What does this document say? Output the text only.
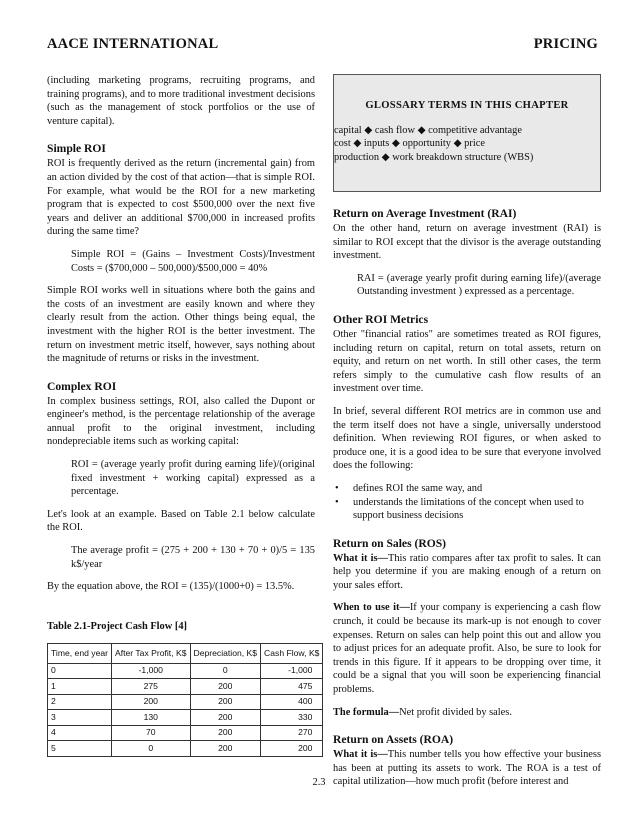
AACE INTERNATIONAL	PRICING

(including marketing programs, recruiting programs, and training programs), and to more traditional investment decisions (such as the management of stock portfolios or the use of venture capital).

Simple ROI

ROI is frequently derived as the return (incremental gain) from an action divided by the cost of that action—that is simple ROI. For example, what would be the ROI for a new marketing program that is expected to cost $500,000 over the next five years and deliver an additional $700,000 in increased profits during the same time?

Simple ROI = (Gains – Investment Costs)/Investment Costs = ($700,000 – 500,000)/$500,000 = 40%

Simple ROI works well in situations where both the gains and the costs of an investment are easily known and where they clearly result from the action. Other things being equal, the investment with the higher ROI is the better investment. The return on investment metric itself, however, says nothing about the magnitude of returns or risks in the investment.

Complex ROI

In complex business settings, ROI, also called the Dupont or engineer's method, is the percentage relationship of the average annual profit to the original investment, including nondepreciable items such as working capital:

ROI = (average yearly profit during earning life)/(original fixed investment + working capital) expressed as a percentage.

Let's look at an example. Based on Table 2.1 below calculate the ROI.

The average profit = (275 + 200 + 130 + 70 + 0)/5 = 135 k$/year

By the equation above, the ROI = (135)/(1000+0) = 13.5%.

Table 2.1-Project Cash Flow [4]
Time, end year	After Tax Profit, K$	Depreciation, K$	Cash Flow, K$
0	-1,000	0	-1,000
1	275	200	475
2	200	200	400
3	130	200	330
4	70	200	270
5	0	200	200
GLOSSARY TERMS IN THIS CHAPTER

capital ◆ cash flow ◆ competitive advantage

cost ◆ inputs ◆ opportunity ◆ price

production ◆ work breakdown structure (WBS)

Return on Average Investment (RAI)

On the other hand, return on average investment (RAI) is similar to ROI except that the divisor is the average outstanding investment.

RAI = (average yearly profit during earning life)/(average Outstanding investment ) expressed as a percentage.

Other ROI Metrics

Other "financial ratios" are sometimes treated as ROI figures, including return on capital, return on total assets, return on equity, and return on net worth. In still other cases, the term refers simply to the cumulative cash flow results of an investment over time.

In brief, several different ROI metrics are in common use and the term itself does not have a single, universally understood definition. When reviewing ROI figures, or when asked to produce one, it is a good idea to be sure that everyone involved does the following:

• defines ROI the same way, and
• understands the limitations of the concept when used to support business decisions
Return on Sales (ROS)

What it is—This ratio compares after tax profit to sales. It can help you determine if you are making enough of a return on your sales effort.

When to use it—If your company is experiencing a cash flow crunch, it could be because its mark-up is not enough to cover expenses. Return on sales can help point this out and allow you to adjust prices for an adequate profit. Also, be sure to look for trends in this figure. If it appears to be dropping over time, it could be a signal that you will soon be experiencing financial problems.

The formula—Net profit divided by sales.

Return on Assets (ROA)

What it is—This number tells you how effective your business has been at putting its assets to work. The ROA is a test of capital utilization—how much profit (before interest and

2.3
